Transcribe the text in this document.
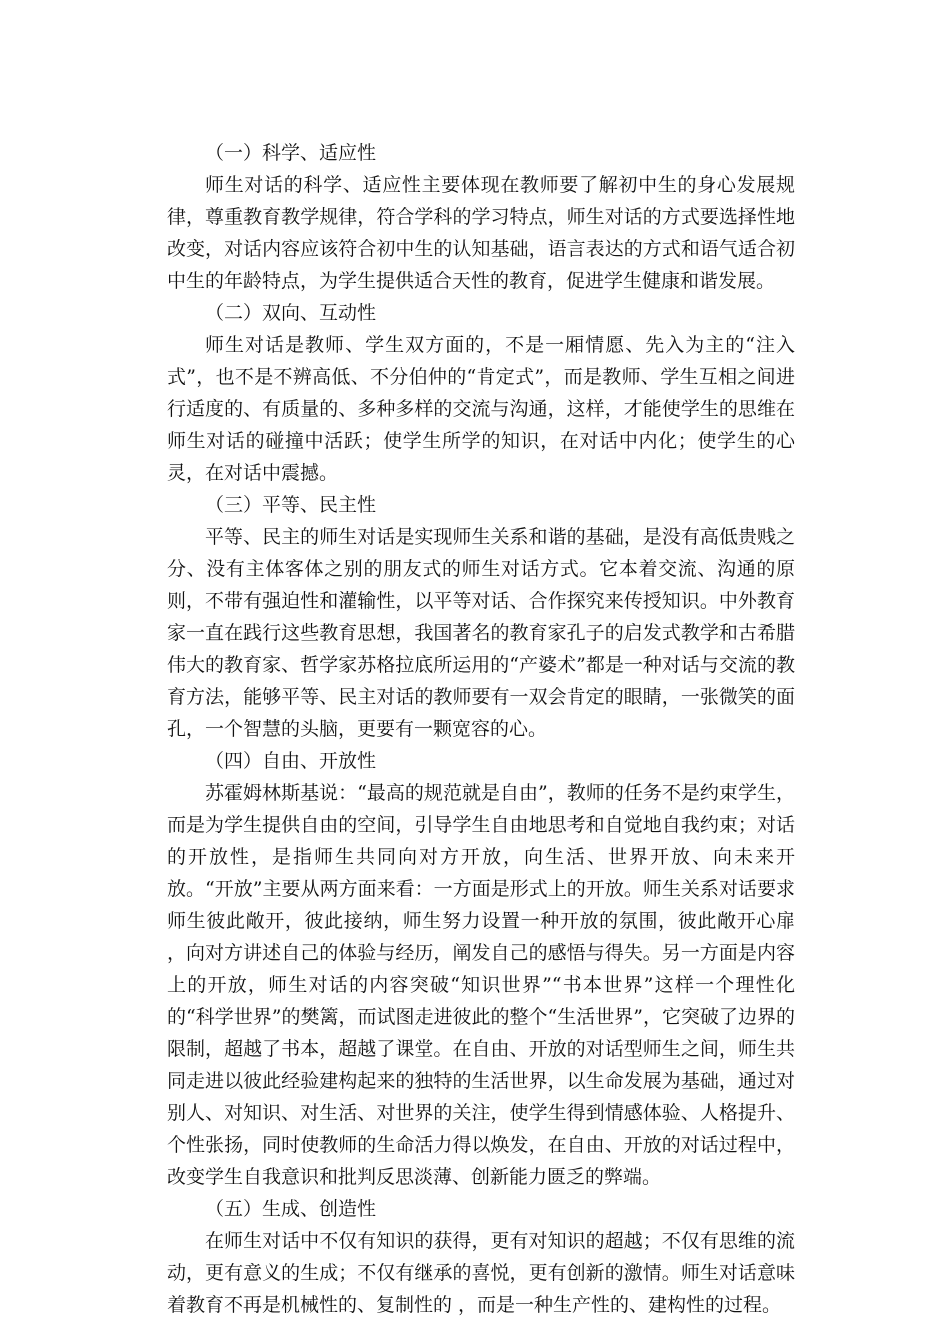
（一）科学、适应性

师生对话的科学、适应性主要体现在教师要了解初中生的身心发展规律，尊重教育教学规律，符合学科的学习特点，师生对话的方式要选择性地改变，对话内容应该符合初中生的认知基础，语言表达的方式和语气适合初中生的年龄特点，为学生提供适合天性的教育，促进学生健康和谐发展。

（二）双向、互动性

师生对话是教师、学生双方面的，不是一厢情愿、先入为主的“注入式”，也不是不辨高低、不分伯仲的“肯定式”，而是教师、学生互相之间进行适度的、有质量的、多种多样的交流与沟通，这样，才能使学生的思维在师生对话的碰撞中活跃；使学生所学的知识，在对话中内化；使学生的心灵，在对话中震撼。

（三）平等、民主性

平等、民主的师生对话是实现师生关系和谐的基础，是没有高低贵贱之分、没有主体客体之别的朋友式的师生对话方式。它本着交流、沟通的原则，不带有强迫性和灌输性，以平等对话、合作探究来传授知识。中外教育家一直在践行这些教育思想，我国著名的教育家孔子的启发式教学和古希腊伟大的教育家、哲学家苏格拉底所运用的“产婆术”都是一种对话与交流的教育方法，能够平等、民主对话的教师要有一双会肯定的眼睛，一张微笑的面孔，一个智慧的头脑，更要有一颗宽容的心。

（四）自由、开放性

苏霍姆林斯基说：“最高的规范就是自由”，教师的任务不是约束学生，而是为学生提供自由的空间，引导学生自由地思考和自觉地自我约束；对话的开放性，是指师生共同向对方开放，向生活、世界开放、向未来开放。“开放”主要从两方面来看：一方面是形式上的开放。师生关系对话要求师生彼此敞开，彼此接纳，师生努力设置一种开放的氛围，彼此敞开心扉 ，向对方讲述自己的体验与经历，阐发自己的感悟与得失。另一方面是内容上的开放，师生对话的内容突破“知识世界”“书本世界”这样一个理性化的“科学世界”的樊篱，而试图走进彼此的整个“生活世界”，它突破了边界的限制，超越了书本，超越了课堂。在自由、开放的对话型师生之间，师生共同走进以彼此经验建构起来的独特的生活世界，以生命发展为基础，通过对别人、对知识、对生活、对世界的关注，使学生得到情感体验、人格提升、个性张扬，同时使教师的生命活力得以焕发，在自由、开放的对话过程中，改变学生自我意识和批判反思淡薄、创新能力匮乏的弊端。

（五）生成、创造性

在师生对话中不仅有知识的获得，更有对知识的超越；不仅有思维的流动，更有意义的生成；不仅有继承的喜悦，更有创新的激情。师生对话意味着教育不再是机械性的、复制性的 ，而是一种生产性的、建构性的过程。
